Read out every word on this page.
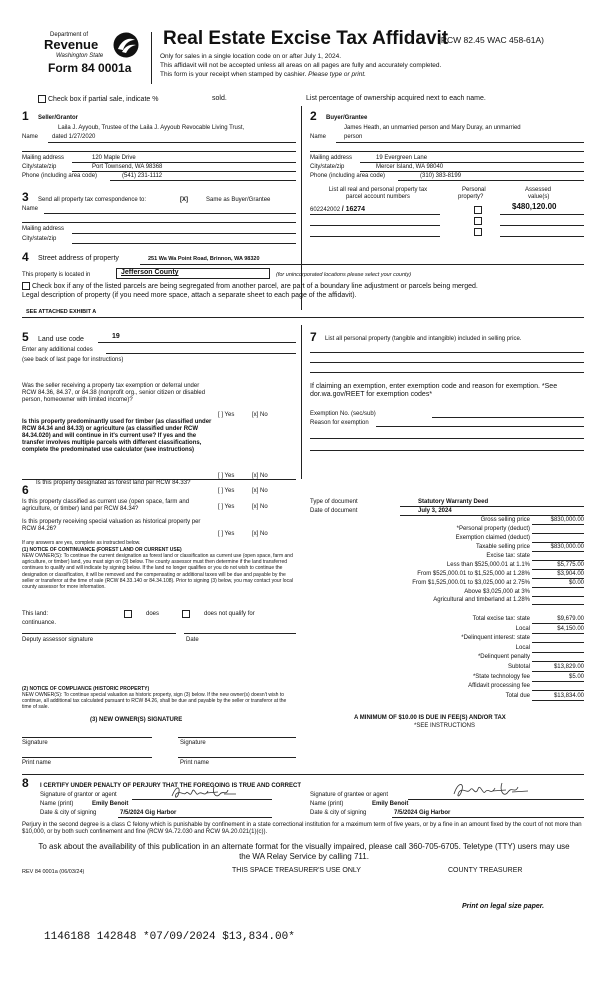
Department of
Revenue
Washington State
Form 84 0001a
Real Estate Excise Tax Affidavit
(RCW 82.45 WAC 458-61A)
Only for sales in a single location code on or after July 1, 2024.
This affidavit will not be accepted unless all areas on all pages are fully and accurately completed.
This form is your receipt when stamped by cashier. Please type or print.
Check box if partial sale, indicate %	sold.	List percentage of ownership acquired next to each name.
1 Seller/Grantor
Laila J. Ayyoub, Trustee of the Laila J. Ayyoub Revocable Living Trust,
Name dated 1/27/2020
Mailing address	120 Maple Drive
City/state/zip	Port Townsend, WA 98368
Phone (including area code)	(541) 231-1112
2 Buyer/Grantee
James Heath, an unmarried person and Mary Duray, an unmarried
Name	person
Mailing address	19 Evergreen Lane
City/state/zip	Mercer Island, WA 98040
Phone (including area code)	(310) 383-8199
3 Send all property tax correspondence to:	[X]	Same as Buyer/Grantee
Name
Mailing address
City/state/zip
List all real and personal property tax
parcel account numbers
Personal
property?
Assessed
value(s)
602242002 / 16274	$480,120.00
4 Street address of property	251 Wa Wa Point Road, Brinnon, WA 98320
This property is located in	Jefferson County	(for unincorporated locations please select your county)
Check box if any of the listed parcels are being segregated from another parcel, are part of a boundary line adjustment or parcels being merged.
Legal description of property (if you need more space, attach a separate sheet to each page of the affidavit).
SEE ATTACHED EXHIBIT A
5 Land use code	19
Enter any additional codes
(see back of last page for instructions)
7 List all personal property (tangible and intangible) included in selling price.
Was the seller receiving a property tax exemption or deferral under RCW 84.36, 84.37, or 84.38 (nonprofit org., senior citizen or disabled person, homeowner with limited income)?
[ ] Yes	[x] No
Is this property predominantly used for timber (as classified under RCW 84.34 and 84.33) or agriculture (as classified under RCW 84.34.020) and will continue in it's current use? If yes and the transfer involves multiple parcels with different classifications, complete the predominated use calculator (see instructions)
[ ] Yes	[x] No
If claiming an exemption, enter exemption code and reason for exemption. *See dor.wa.gov/REET for exemption codes*
Exemption No. (sec/sub)
Reason for exemption
6 Is this property designated as forest land per RCW 84.33?
[ ] Yes	[x] No
Is this property classified as current use (open space, farm and agriculture, or timber) land per RCW 84.34?	[ ] Yes	[x] No
Is this property receiving special valuation as historical property per RCW 84.26?
[ ] Yes	[x] No
If any answers are yes, complete as instructed below.
(1) NOTICE OF CONTINUANCE (FOREST LAND OR CURRENT USE)
NEW OWNER(S): To continue the current designation as forest land or classification as current use (open space, farm and agriculture, or timber) land, you must sign on (3) below. The county assessor must then determine if the land transferred continues to qualify and will indicate by signing below. If the land no longer qualifies or you do not wish to continue the designation or classification, it will be removed and the compensating or additional taxes will be due and payable by the seller or transferor at the time of sale (RCW 84.33.140 or 84.34.108). Prior to signing (3) below, you may contact your local county assessor for more information.
This land:	does	does not qualify for
continuance.
Deputy assessor signature	Date
(2) NOTICE OF COMPLIANCE (HISTORIC PROPERTY)
NEW OWNER(S): To continue special valuation as historic property, sign (3) below. If the new owner(s) doesn't wish to continue, all additional tax calculated pursuant to RCW 84.26, shall be due and payable by the seller or transferor at the time of sale.
(3) NEW OWNER(S) SIGNATURE
Signature	Signature
Print name	Print name
Type of document	Statutory Warranty Deed
Date of document	July 3, 2024
Gross selling price	$830,000.00
*Personal property (deduct)
Exemption claimed (deduct)
Taxable selling price	$830,000.00
Excise tax: state
Less than $525,000.01 at 1.1%	$5,775.00
From $525,000.01 to $1,525,000 at 1.28%	$3,904.00
From $1,525,000.01 to $3,025,000 at 2.75%	$0.00
Above $3,025,000 at 3%
Agricultural and timberland at 1.28%
Total excise tax: state	$9,679.00
Local	$4,150.00
*Delinquent interest: state
Local
*Delinquent penalty
Subtotal	$13,829.00
*State technology fee	$5.00
Affidavit processing fee
Total due	$13,834.00
A MINIMUM OF $10.00 IS DUE IN FEE(S) AND/OR TAX
*SEE INSTRUCTIONS
8 I CERTIFY UNDER PENALTY OF PERJURY THAT THE FOREGOING IS TRUE AND CORRECT
Signature of grantor or agent
Name (print)	Emily Benoit
Date & city of signing	7/5/2024 Gig Harbor
Signature of grantee or agent
Name (print)	Emily Benoit
Date & city of signing	7/5/2024 Gig Harbor
Perjury in the second degree is a class C felony which is punishable by confinement in a state correctional institution for a maximum term of five years, or by a fine in an amount fixed by the court of not more than $10,000, or by both such confinement and fine (RCW 9A.72.030 and RCW 9A.20.021(1)(c)).
To ask about the availability of this publication in an alternate format for the visually impaired, please call 360-705-6705. Teletype (TTY) users may use the WA Relay Service by calling 711.
REV 84 0001a (06/03/24)	THIS SPACE TREASURER'S USE ONLY	COUNTY TREASURER
Print on legal size paper.
1146188 142848 *07/09/2024 $13,834.00*
